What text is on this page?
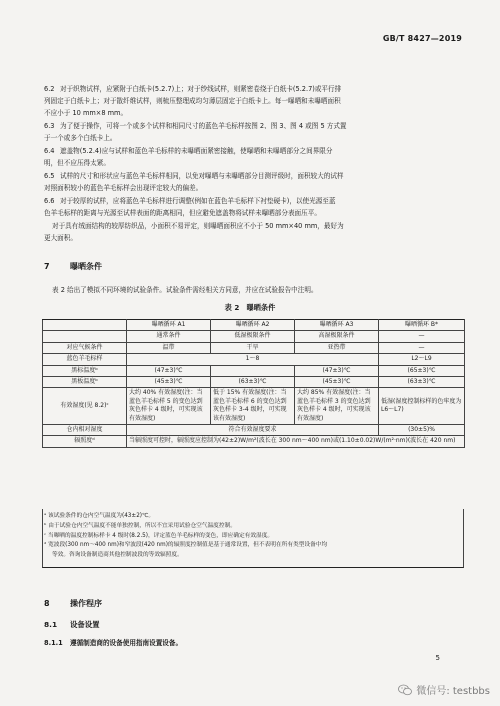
GB/T 8427—2019
6.2 对于织物试样，应紧附于白纸卡(5.2.7)上；对于纱线试样，则紧密卷绕于白纸卡(5.2.7)或平行排
列固定于白纸卡上；对于散纤维试样，则梳压整理成均匀薄层固定于白纸卡上。每一曝晒和未曝晒面积
不应小于 10 mm×8 mm。
6.3 为了便于操作，可将一个或多个试样和相同尺寸的蓝色羊毛标样按图 2、图 3、图 4 或图 5 方式置
于一个或多个白纸卡上。
6.4 遮盖物(5.2.4)应与试样和蓝色羊毛标样的未曝晒面紧密接触，使曝晒和未曝晒部分之间界限分
明，但不应压得太紧。
6.5 试样的尺寸和形状应与蓝色羊毛标样相同，以免对曝晒与未曝晒部分目测评级时，面积较大的试样
对照面积较小的蓝色羊毛标样会出现评定较大的偏差。
6.6 对于较厚的试样，应将蓝色羊毛标样进行调整(例如在蓝色羊毛标样下衬垫硬卡)，以使光源至蓝
色羊毛标样的距离与光源至试样表面的距离相同，但应避免遮盖物将试样未曝晒部分表面压平。
对于具有绒面结构的较厚纺织品，小面积不易评定，则曝晒面积应不小于 50 mm×40 mm，最好为
更大面积。
7	曝晒条件
表 2 给出了模拟不同环境的试验条件。试验条件需经相关方同意，并应在试验报告中注明。
表 2　曝晒条件
	曝晒循环 A1	曝晒循环 A2	曝晒循环 A3	曝晒循环 B*
	通常条件	低湿极限条件	高湿极限条件	—
对应气候条件	温带	干旱	亚热带	—
蓝色羊毛标样	1～8			L2～L9
黑标温度ᵇ	(47±3)℃		(47±3)℃	(65±3)℃
黑板温度ᵇ	(45±3)℃	(63±3)℃	(45±3)℃	(63±3)℃
有效湿度(见 8.2)ᶜ	大约 40% 有效湿度(注：当蓝色羊毛标样 5 的变色达到灰色样卡 4 级时，可实现该有效湿度)	低于 15% 有效湿度(注：当蓝色羊毛标样 6 的变色达到灰色样卡 3-4 级时，可实现该有效湿度)	大约 85% 有效湿度(注：当蓝色羊毛标样 3 的变色达到灰色样卡 4 级时，可实现该有效湿度)	低湿(湿度控制标样的色牢度为 L6～L7)
仓内相对湿度	符合有效湿度要求			(30±5)%
辐照度ᵈ	当辐照度可控时，辐照度应控制为(42±2)W/m²(波长在 300 nm～400 nm)或(1.10±0.02)W/(m²·nm)(波长在 420 nm)			
ᵃ 该试验条件的仓内空气温度为(43±2)℃。
ᵇ 由于试验仓内空气温度不能单独控制，所以不宜采用试验仓空气温度控制。
ᶜ 当曝晒的温度控制标样卡 4 级时(8.2.5)，评定蓝色羊毛标样的变色，即应确定有效湿度。
ᵈ 宽波段(300 nm～400 nm)和窄波段(420 nm)的辐照度控制值是基于通常设置，但不表明在所有类型设备中均
等效。咨询设备制造商其他控制波段的等效辐照度。
8	操作程序
8.1 设备设置
8.1.1 遵循制造商的设备使用指南设置设备。
5
微信号: testbbs
